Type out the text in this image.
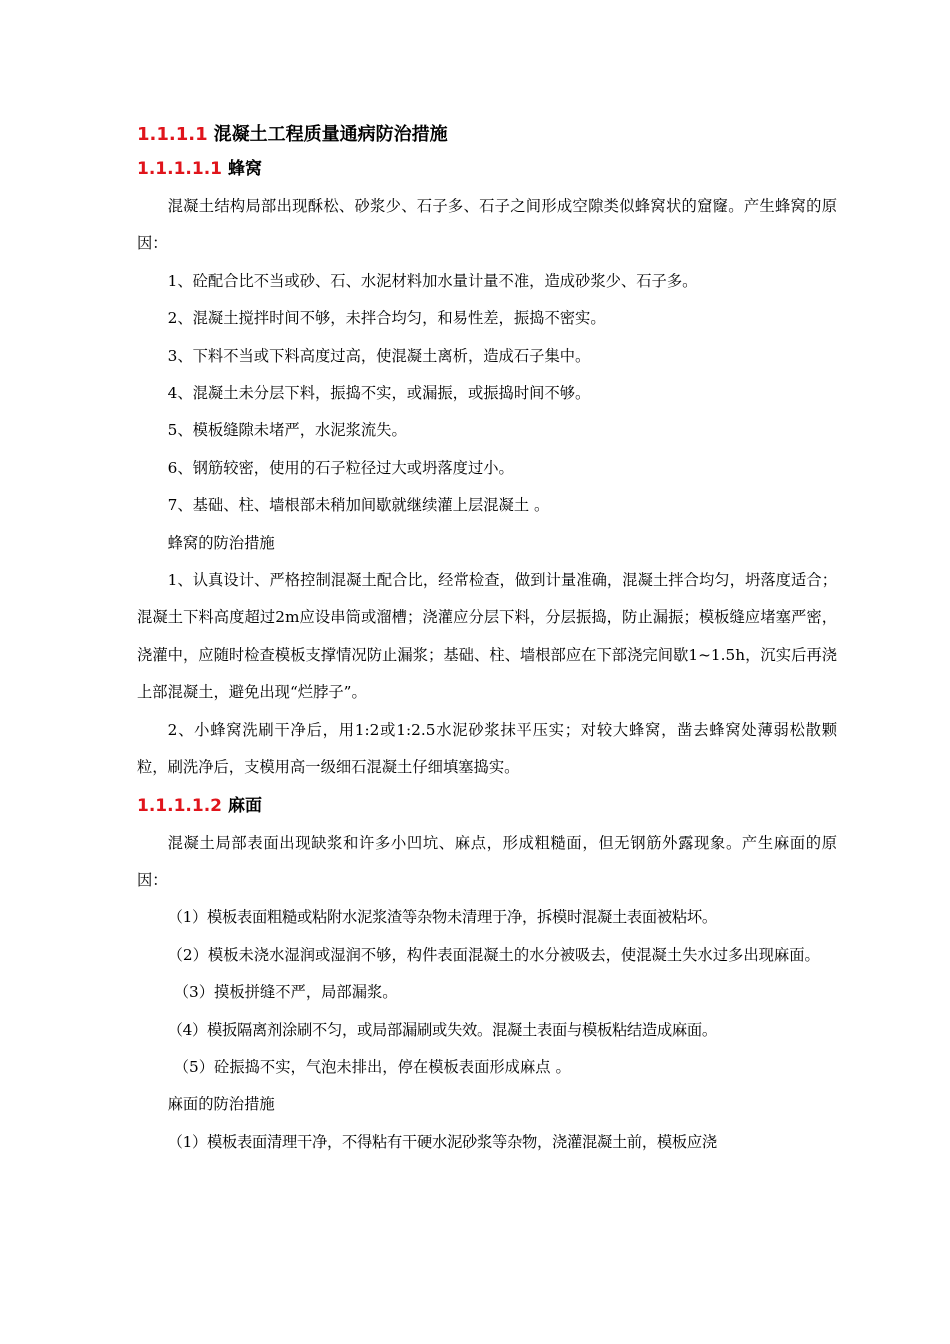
1.1.1.1 混凝土工程质量通病防治措施
1.1.1.1.1 蜂窝

混凝土结构局部出现酥松、砂浆少、石子多、石子之间形成空隙类似蜂窝状的窟窿。产生蜂窝的原因：

1、砼配合比不当或砂、石、水泥材料加水量计量不准，造成砂浆少、石子多。

2、混凝土搅拌时间不够，未拌合均匀，和易性差，振捣不密实。

3、下料不当或下料高度过高，使混凝土离析，造成石子集中。

4、混凝土未分层下料，振捣不实，或漏振，或振捣时间不够。

5、模板缝隙未堵严，水泥浆流失。

6、钢筋较密，使用的石子粒径过大或坍落度过小。

7、基础、柱、墙根部未稍加间歇就继续灌上层混凝土 。

蜂窝的防治措施

1、认真设计、严格控制混凝土配合比，经常检查，做到计量准确，混凝土拌合均匀，坍落度适合；混凝土下料高度超过2m应设串筒或溜槽；浇灌应分层下料，分层振捣，防止漏振；模板缝应堵塞严密，浇灌中，应随时检查模板支撑情况防止漏浆；基础、柱、墙根部应在下部浇完间歇1~1.5h，沉实后再浇上部混凝土，避免出现“烂脖子”。

2、小蜂窝洗刷干净后，用1:2或1:2.5水泥砂浆抹平压实；对较大蜂窝，凿去蜂窝处薄弱松散颗粒，刷洗净后，支模用高一级细石混凝土仔细填塞捣实。

1.1.1.1.2 麻面

混凝土局部表面出现缺浆和许多小凹坑、麻点，形成粗糙面，但无钢筋外露现象。产生麻面的原因：

（1）模板表面粗糙或粘附水泥浆渣等杂物未清理于净，拆模时混凝土表面被粘坏。

（2）模板未浇水湿润或湿润不够，构件表面混凝土的水分被吸去，使混凝土失水过多出现麻面。

（3）摸板拼缝不严，局部漏浆。

（4）模扳隔离剂涂刷不匀，或局部漏刷或失效。混凝土表面与模板粘结造成麻面。

（5）砼振捣不实，气泡未排出，停在模板表面形成麻点 。

麻面的防治措施

（1）模板表面清理干净，不得粘有干硬水泥砂浆等杂物，浇灌混凝土前，模板应浇
